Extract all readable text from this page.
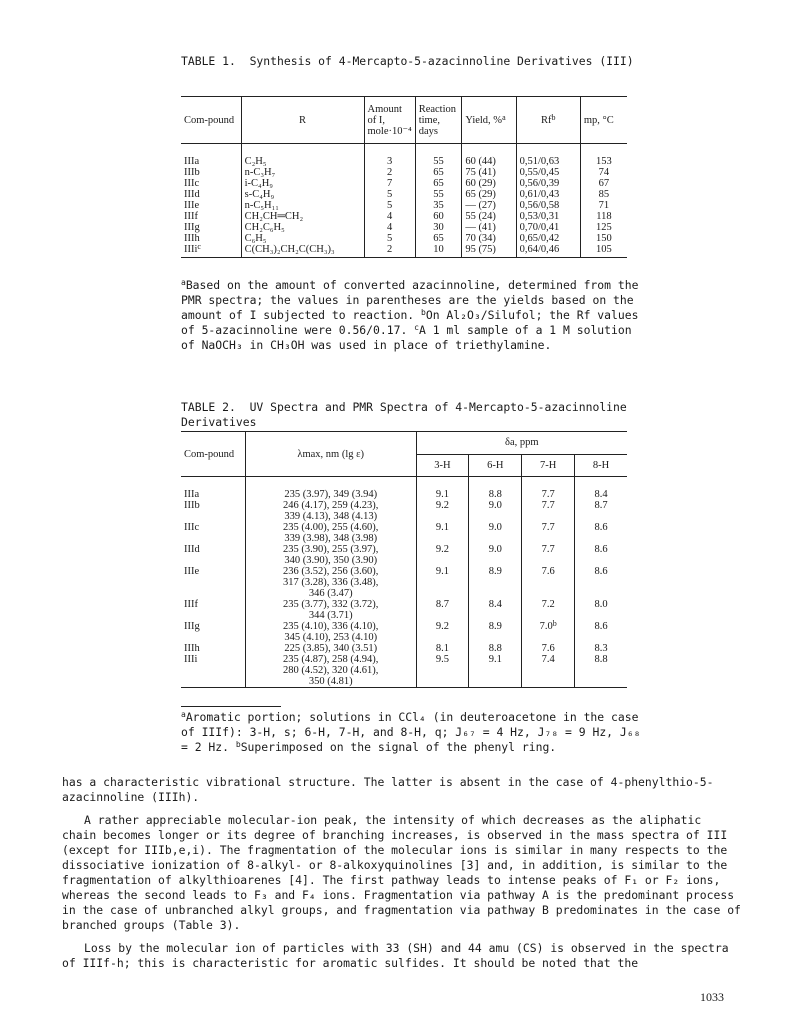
TABLE 1.  Synthesis of 4-Mercapto-5-azacinnoline Derivatives (III)
Com-pound	R	Amount of I, mole·10⁻⁴	Reaction time, days	Yield, %$^a$	Rf$^b$	mp, °C
IIIa	C₂H₅	3	55	60 (44)	0,51/0,63	153
IIIb	n-C₃H₇	2	65	75 (41)	0,55/0,45	74
IIIc	i-C₄H₉	7	65	60 (29)	0,56/0,39	67
IIId	s-C₄H₉	5	55	65 (29)	0,61/0,43	85
IIIe	n-C₅H₁₁	5	35	— (27)	0,56/0,58	71
IIIf	CH₂CH═CH₂	4	60	55 (24)	0,53/0,31	118
IIIg	CH₂C₆H₅	4	30	— (41)	0,70/0,41	125
IIIh	C₆H₅	5	65	70 (34)	0,65/0,42	150
IIIi$^c$	C(CH₃)₂CH₂C(CH₃)₃	2	10	95 (75)	0,64/0,46	105
$^a$Based on the amount of converted azacinnoline, determined from the PMR spectra; the values in parentheses are the yields based on the amount of I subjected to reaction. $^b$On Al₂O₃/Silufol; the Rf values of 5-azacinnoline were 0.56/0.17. $^c$A 1 ml sample of a 1 M solution of NaOCH₃ in CH₃OH was used in place of triethylamine.
TABLE 2.  UV Spectra and PMR Spectra of 4-Mercapto-5-azacinnoline Derivatives
Com-pound	λmax, nm (lg ε)	δa, ppm			
		3-H	6-H	7-H	8-H
IIIa	235 (3.97), 349 (3.94)	9.1	8.8	7.7	8.4
IIIb	246 (4.17), 259 (4.23),
339 (4.13), 348 (4.13)	9.2	9.0	7.7	8.7
IIIc	235 (4.00), 255 (4.60),
339 (3.98), 348 (3.98)	9.1	9.0	7.7	8.6
IIId	235 (3.90), 255 (3.97),
340 (3.90), 350 (3.90)	9.2	9.0	7.7	8.6
IIIe	236 (3.52), 256 (3.60),
317 (3.28), 336 (3.48),
346 (3.47)	9.1	8.9	7.6	8.6
IIIf	235 (3.77), 332 (3.72),
344 (3.71)	8.7	8.4	7.2	8.0
IIIg	235 (4.10), 336 (4.10),
345 (4.10), 253 (4.10)	9.2	8.9	7.0$^b$	8.6
IIIh	225 (3.85), 340 (3.51)	8.1	8.8	7.6	8.3
IIIi	235 (4.87), 258 (4.94),
280 (4.52), 320 (4.61),
350 (4.81)	9.5	9.1	7.4	8.8
$^a$Aromatic portion; solutions in CCl₄ (in deuteroacetone in the case of IIIf): 3-H, s; 6-H, 7-H, and 8-H, q; J₆₇ = 4 Hz, J₇₈ = 9 Hz, J₆₈ = 2 Hz. $^b$Superimposed on the signal of the phenyl ring.

has a characteristic vibrational structure. The latter is absent in the case of 4-phenylthio-5-azacinnoline (IIIh).

A rather appreciable molecular-ion peak, the intensity of which decreases as the aliphatic chain becomes longer or its degree of branching increases, is observed in the mass spectra of III (except for IIIb,e,i). The fragmentation of the molecular ions is similar in many respects to the dissociative ionization of 8-alkyl- or 8-alkoxyquinolines [3] and, in addition, is similar to the fragmentation of alkylthioarenes [4]. The first pathway leads to intense peaks of F₁ or F₂ ions, whereas the second leads to F₃ and F₄ ions. Fragmentation via pathway A is the predominant process in the case of unbranched alkyl groups, and fragmentation via pathway B predominates in the case of branched groups (Table 3).

Loss by the molecular ion of particles with 33 (SH) and 44 amu (CS) is observed in the spectra of IIIf-h; this is characteristic for aromatic sulfides. It should be noted that the

1033
